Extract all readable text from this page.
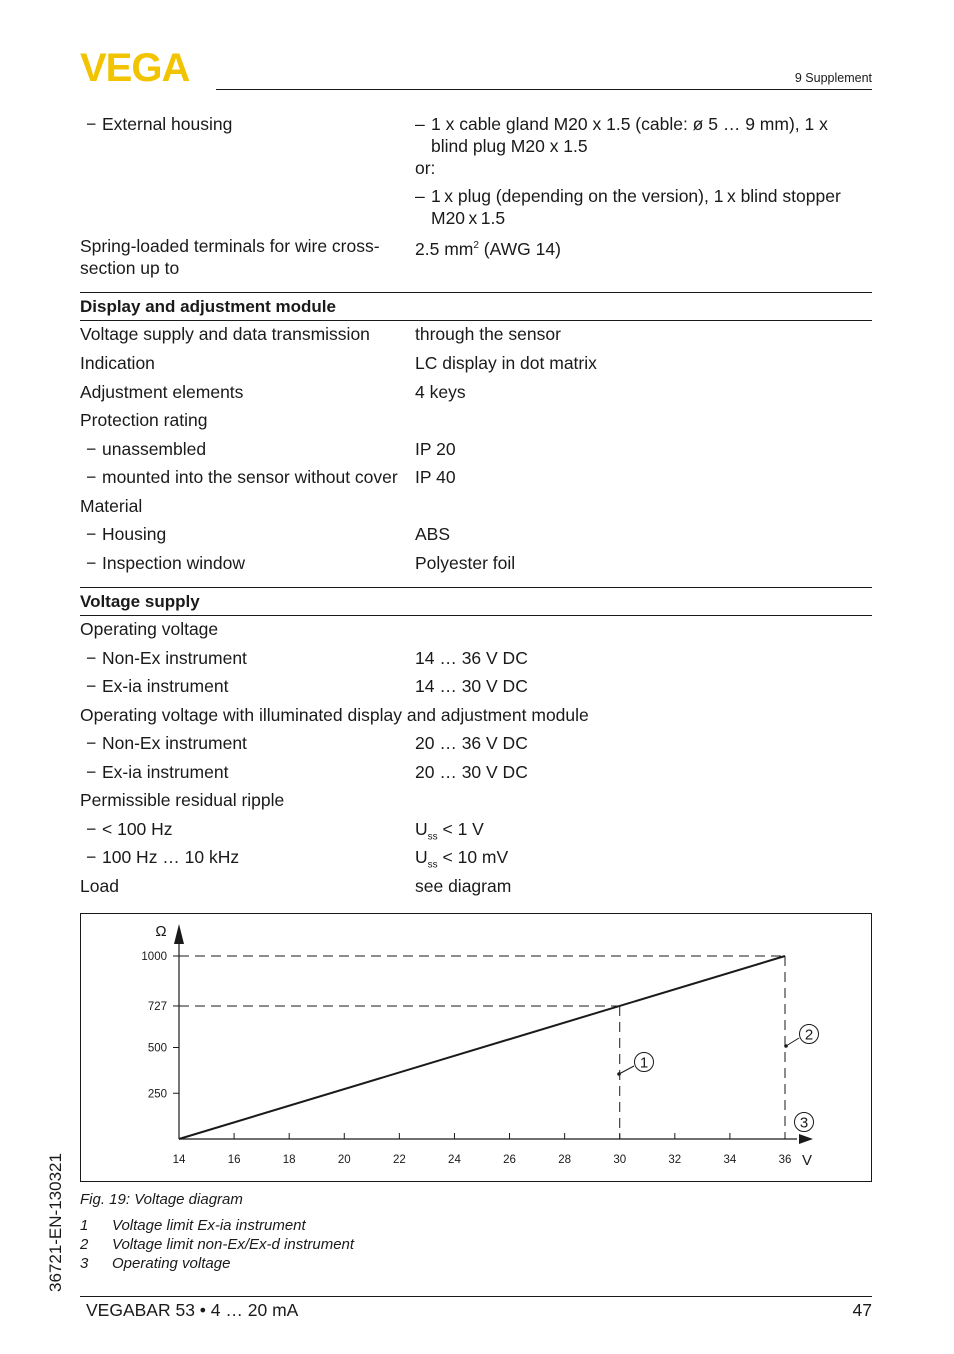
VEGA	9 Supplement
− External housing	– 1 x cable gland M20 x 1.5 (cable: ø 5 … 9 mm), 1 x
blind plug M20 x 1.5
or:
– 1 x plug (depending on the version), 1 x blind stopper
M20 x 1.5
Spring-loaded terminals for wire cross-
section up to
2.5 $mm^2$ (AWG 14)
Display and adjustment module
Voltage supply and data transmission	through the sensor
Indication	LC display in dot matrix
Adjustment elements	4 keys
Protection rating
− unassembled	IP 20
− mounted into the sensor without cover IP 40
Material
− Housing	ABS
− Inspection window	Polyester foil
Voltage supply
Operating voltage
− Non-Ex instrument	14 … 36 V DC
− Ex-ia instrument	14 … 30 V DC
Operating voltage with illuminated display and adjustment module
− Non-Ex instrument	20 … 36 V DC
− Ex-ia instrument	20 … 30 V DC
Permissible residual ripple
− < 100 Hz	$U_{ss} < 1$ V
− 100 Hz … 10 kHz	$U_{ss} < 10$ mV
Load	see diagram
Ω
V
14	16	18	20	22	24	26	28	30	32	34	36
250
500
727
1000
1
2
3
Fig. 19: Voltage diagram
1 Voltage limit Ex-ia instrument
2 Voltage limit non-Ex/Ex-d instrument
3 Operating voltage
36721-EN-130321
VEGABAR 53 • 4 … 20 mA	47
